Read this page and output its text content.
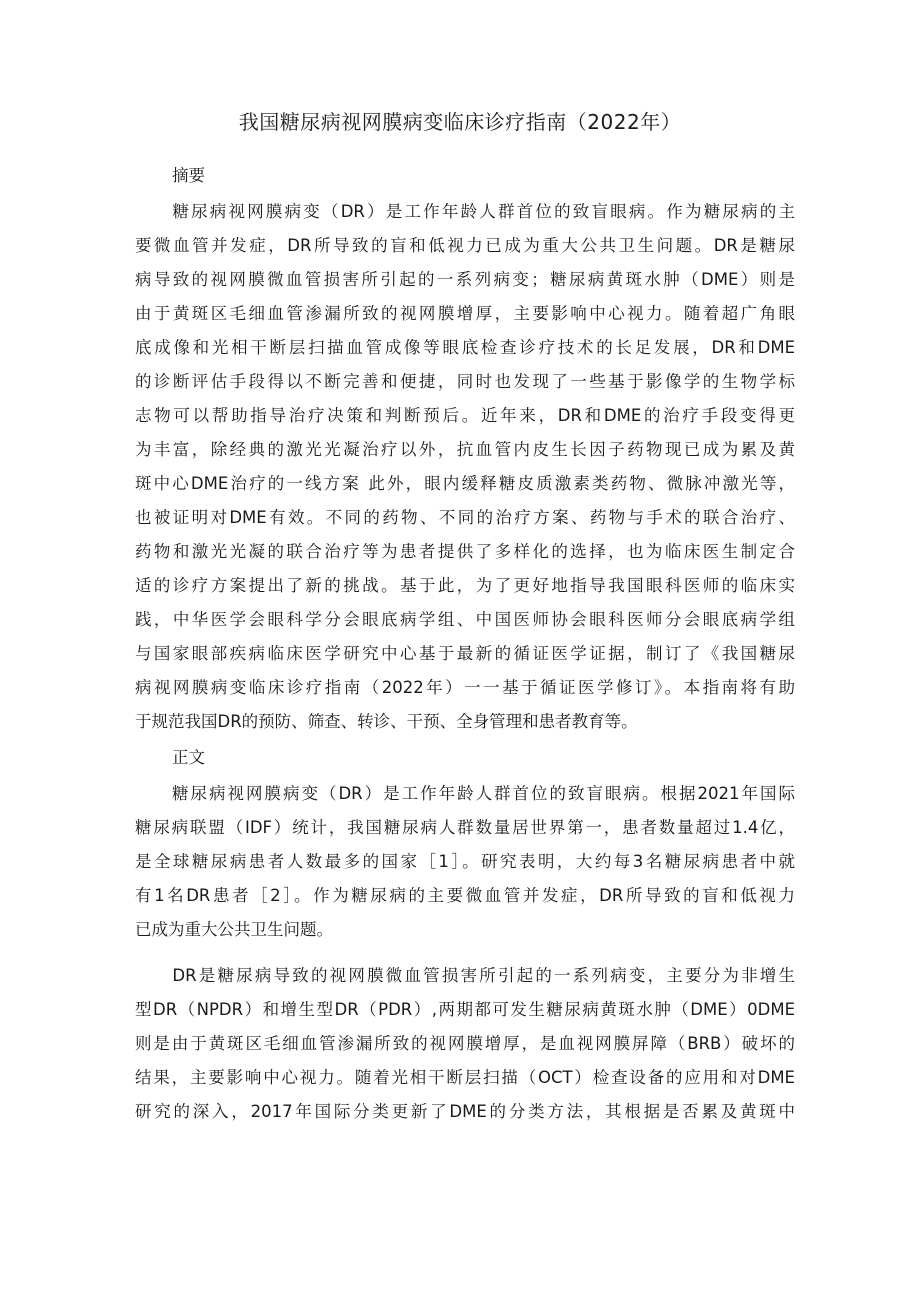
我国糖尿病视网膜病变临床诊疗指南（2022年）
摘要
　　糖尿病视网膜病变（DR）是工作年龄人群首位的致盲眼病。作为糖尿病的主
要微血管并发症，DR所导致的盲和低视力已成为重大公共卫生问题。DR是糖尿
病导致的视网膜微血管损害所引起的一系列病变；糖尿病黄斑水肿（DME）则是
由于黄斑区毛细血管渗漏所致的视网膜增厚，主要影响中心视力。随着超广角眼
底成像和光相干断层扫描血管成像等眼底检查诊疗技术的长足发展，DR和DME
的诊断评估手段得以不断完善和便捷，同时也发现了一些基于影像学的生物学标
志物可以帮助指导治疗决策和判断预后。近年来，DR和DME的治疗手段变得更
为丰富，除经典的激光光凝治疗以外，抗血管内皮生长因子药物现已成为累及黄
斑中心DME治疗的一线方案 此外，眼内缓释糖皮质激素类药物、微脉冲激光等，
也被证明对DME有效。不同的药物、不同的治疗方案、药物与手术的联合治疗、
药物和激光光凝的联合治疗等为患者提供了多样化的选择，也为临床医生制定合
适的诊疗方案提出了新的挑战。基于此，为了更好地指导我国眼科医师的临床实
践，中华医学会眼科学分会眼底病学组、中国医师协会眼科医师分会眼底病学组
与国家眼部疾病临床医学研究中心基于最新的循证医学证据，制订了《我国糖尿
病视网膜病变临床诊疗指南（2022年）一一基于循证医学修订》。本指南将有助
于规范我国DR的预防、筛查、转诊、干预、全身管理和患者教育等。
正文
　　糖尿病视网膜病变（DR）是工作年龄人群首位的致盲眼病。根据2021年国际
糖尿病联盟（IDF）统计，我国糖尿病人群数量居世界第一，患者数量超过1.4亿，
是全球糖尿病患者人数最多的国家［1］。研究表明，大约每3名糖尿病患者中就
有1名DR患者［2］。作为糖尿病的主要微血管并发症，DR所导致的盲和低视力
已成为重大公共卫生问题。
　　DR是糖尿病导致的视网膜微血管损害所引起的一系列病变，主要分为非增生
型DR（NPDR）和增生型DR（PDR）,两期都可发生糖尿病黄斑水肿（DME）0DME
则是由于黄斑区毛细血管渗漏所致的视网膜增厚，是血视网膜屏障（BRB）破坏的
结果，主要影响中心视力。随着光相干断层扫描（OCT）检查设备的应用和对DME
研究的深入，2017年国际分类更新了DME的分类方法，其根据是否累及黄斑中
